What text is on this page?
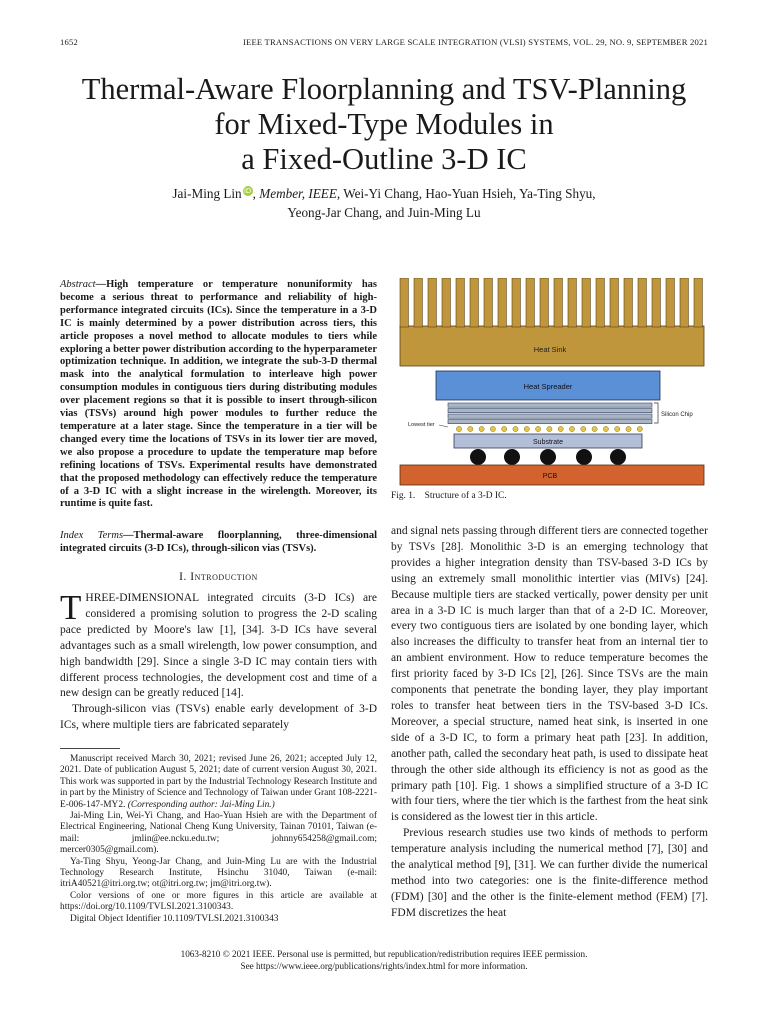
1652	IEEE TRANSACTIONS ON VERY LARGE SCALE INTEGRATION (VLSI) SYSTEMS, VOL. 29, NO. 9, SEPTEMBER 2021
Thermal-Aware Floorplanning and TSV-Planning
for Mixed-Type Modules in
a Fixed-Outline 3-D IC
Jai-Ming Lin iD, Member, IEEE, Wei-Yi Chang, Hao-Yuan Hsieh, Ya-Ting Shyu,
Yeong-Jar Chang, and Juin-Ming Lu
Abstract—High temperature or temperature nonuniformity has become a serious threat to performance and reliability of high-performance integrated circuits (ICs). Since the temperature in a 3-D IC is mainly determined by a power distribution across tiers, this article proposes a novel method to allocate modules to tiers while exploring a better power distribution according to the hyperparameter optimization technique. In addition, we integrate the sub-3-D thermal mask into the analytical formulation to interleave high power consumption modules in contiguous tiers during distributing modules over placement regions so that it is possible to insert through-silicon vias (TSVs) around high power modules to further reduce the temperature at a later stage. Since the temperature in a tier will be changed every time the locations of TSVs in its lower tier are moved, we also propose a procedure to update the temperature map before refining locations of TSVs. Experimental results have demonstrated that the proposed methodology can effectively reduce the temperature of a 3-D IC with a slight increase in the wirelength. Moreover, its runtime is quite fast.
Index Terms—Thermal-aware floorplanning, three-dimensional integrated circuits (3-D ICs), through-silicon vias (TSVs).
I. Introduction
THREE-DIMENSIONAL integrated circuits (3-D ICs) are considered a promising solution to progress the 2-D scaling pace predicted by Moore's law [1], [34]. 3-D ICs have several advantages such as a small wirelength, low power consumption, and high bandwidth [29]. Since a single 3-D IC may contain tiers with different process technologies, the development cost and time of a new design can be greatly reduced [14].
Through-silicon vias (TSVs) enable early development of 3-D ICs, where multiple tiers are fabricated separately

Manuscript received March 30, 2021; revised June 26, 2021; accepted July 12, 2021. Date of publication August 5, 2021; date of current version August 30, 2021. This work was supported in part by the Industrial Technology Research Institute and in part by the Ministry of Science and Technology of Taiwan under Grant 108-2221-E-006-147-MY2. (Corresponding author: Jai-Ming Lin.)

Jai-Ming Lin, Wei-Yi Chang, and Hao-Yuan Hsieh are with the Department of Electrical Engineering, National Cheng Kung University, Tainan 70101, Taiwan (e-mail: jmlin@ee.ncku.edu.tw; johnny654258@gmail.com; mercer0305@gmail.com).

Ya-Ting Shyu, Yeong-Jar Chang, and Juin-Ming Lu are with the Industrial Technology Research Institute, Hsinchu 31040, Taiwan (e-mail: itriA40521@itri.org.tw; ot@itri.org.tw; jm@itri.org.tw).

Color versions of one or more figures in this article are available at https://doi.org/10.1109/TVLSI.2021.3100343.

Digital Object Identifier 10.1109/TVLSI.2021.3100343

Heat Sink
Heat Spreader
Silicon Chip
Lowest tier
Substrate
PCB
Fig. 1.    Structure of a 3-D IC.
and signal nets passing through different tiers are connected together by TSVs [28]. Monolithic 3-D is an emerging technology that provides a higher integration density than TSV-based 3-D ICs by using an extremely small monolithic intertier vias (MIVs) [24]. Because multiple tiers are stacked vertically, power density per unit area in a 3-D IC is much larger than that of a 2-D IC. Moreover, every two contiguous tiers are isolated by one bonding layer, which also increases the difficulty to transfer heat from an internal tier to an ambient environment. How to reduce temperature becomes the first priority faced by 3-D ICs [2], [26]. Since TSVs are the main components that penetrate the bonding layer, they play important roles to transfer heat between tiers in the TSV-based 3-D ICs. Moreover, a special structure, named heat sink, is inserted in one side of a 3-D IC, to form a primary heat path [23]. In addition, another path, called the secondary heat path, is used to dissipate heat through the other side although its efficiency is not as good as the primary path [10]. Fig. 1 shows a simplified structure of a 3-D IC with four tiers, where the tier which is the farthest from the heat sink is considered as the lowest tier in this article.
Previous research studies use two kinds of methods to perform temperature analysis including the numerical method [7], [30] and the analytical method [9], [31]. We can further divide the numerical method into two categories: one is the finite-difference method (FDM) [30] and the other is the finite-element method (FEM) [7]. FDM discretizes the heat
1063-8210 © 2021 IEEE. Personal use is permitted, but republication/redistribution requires IEEE permission.
See https://www.ieee.org/publications/rights/index.html for more information.
